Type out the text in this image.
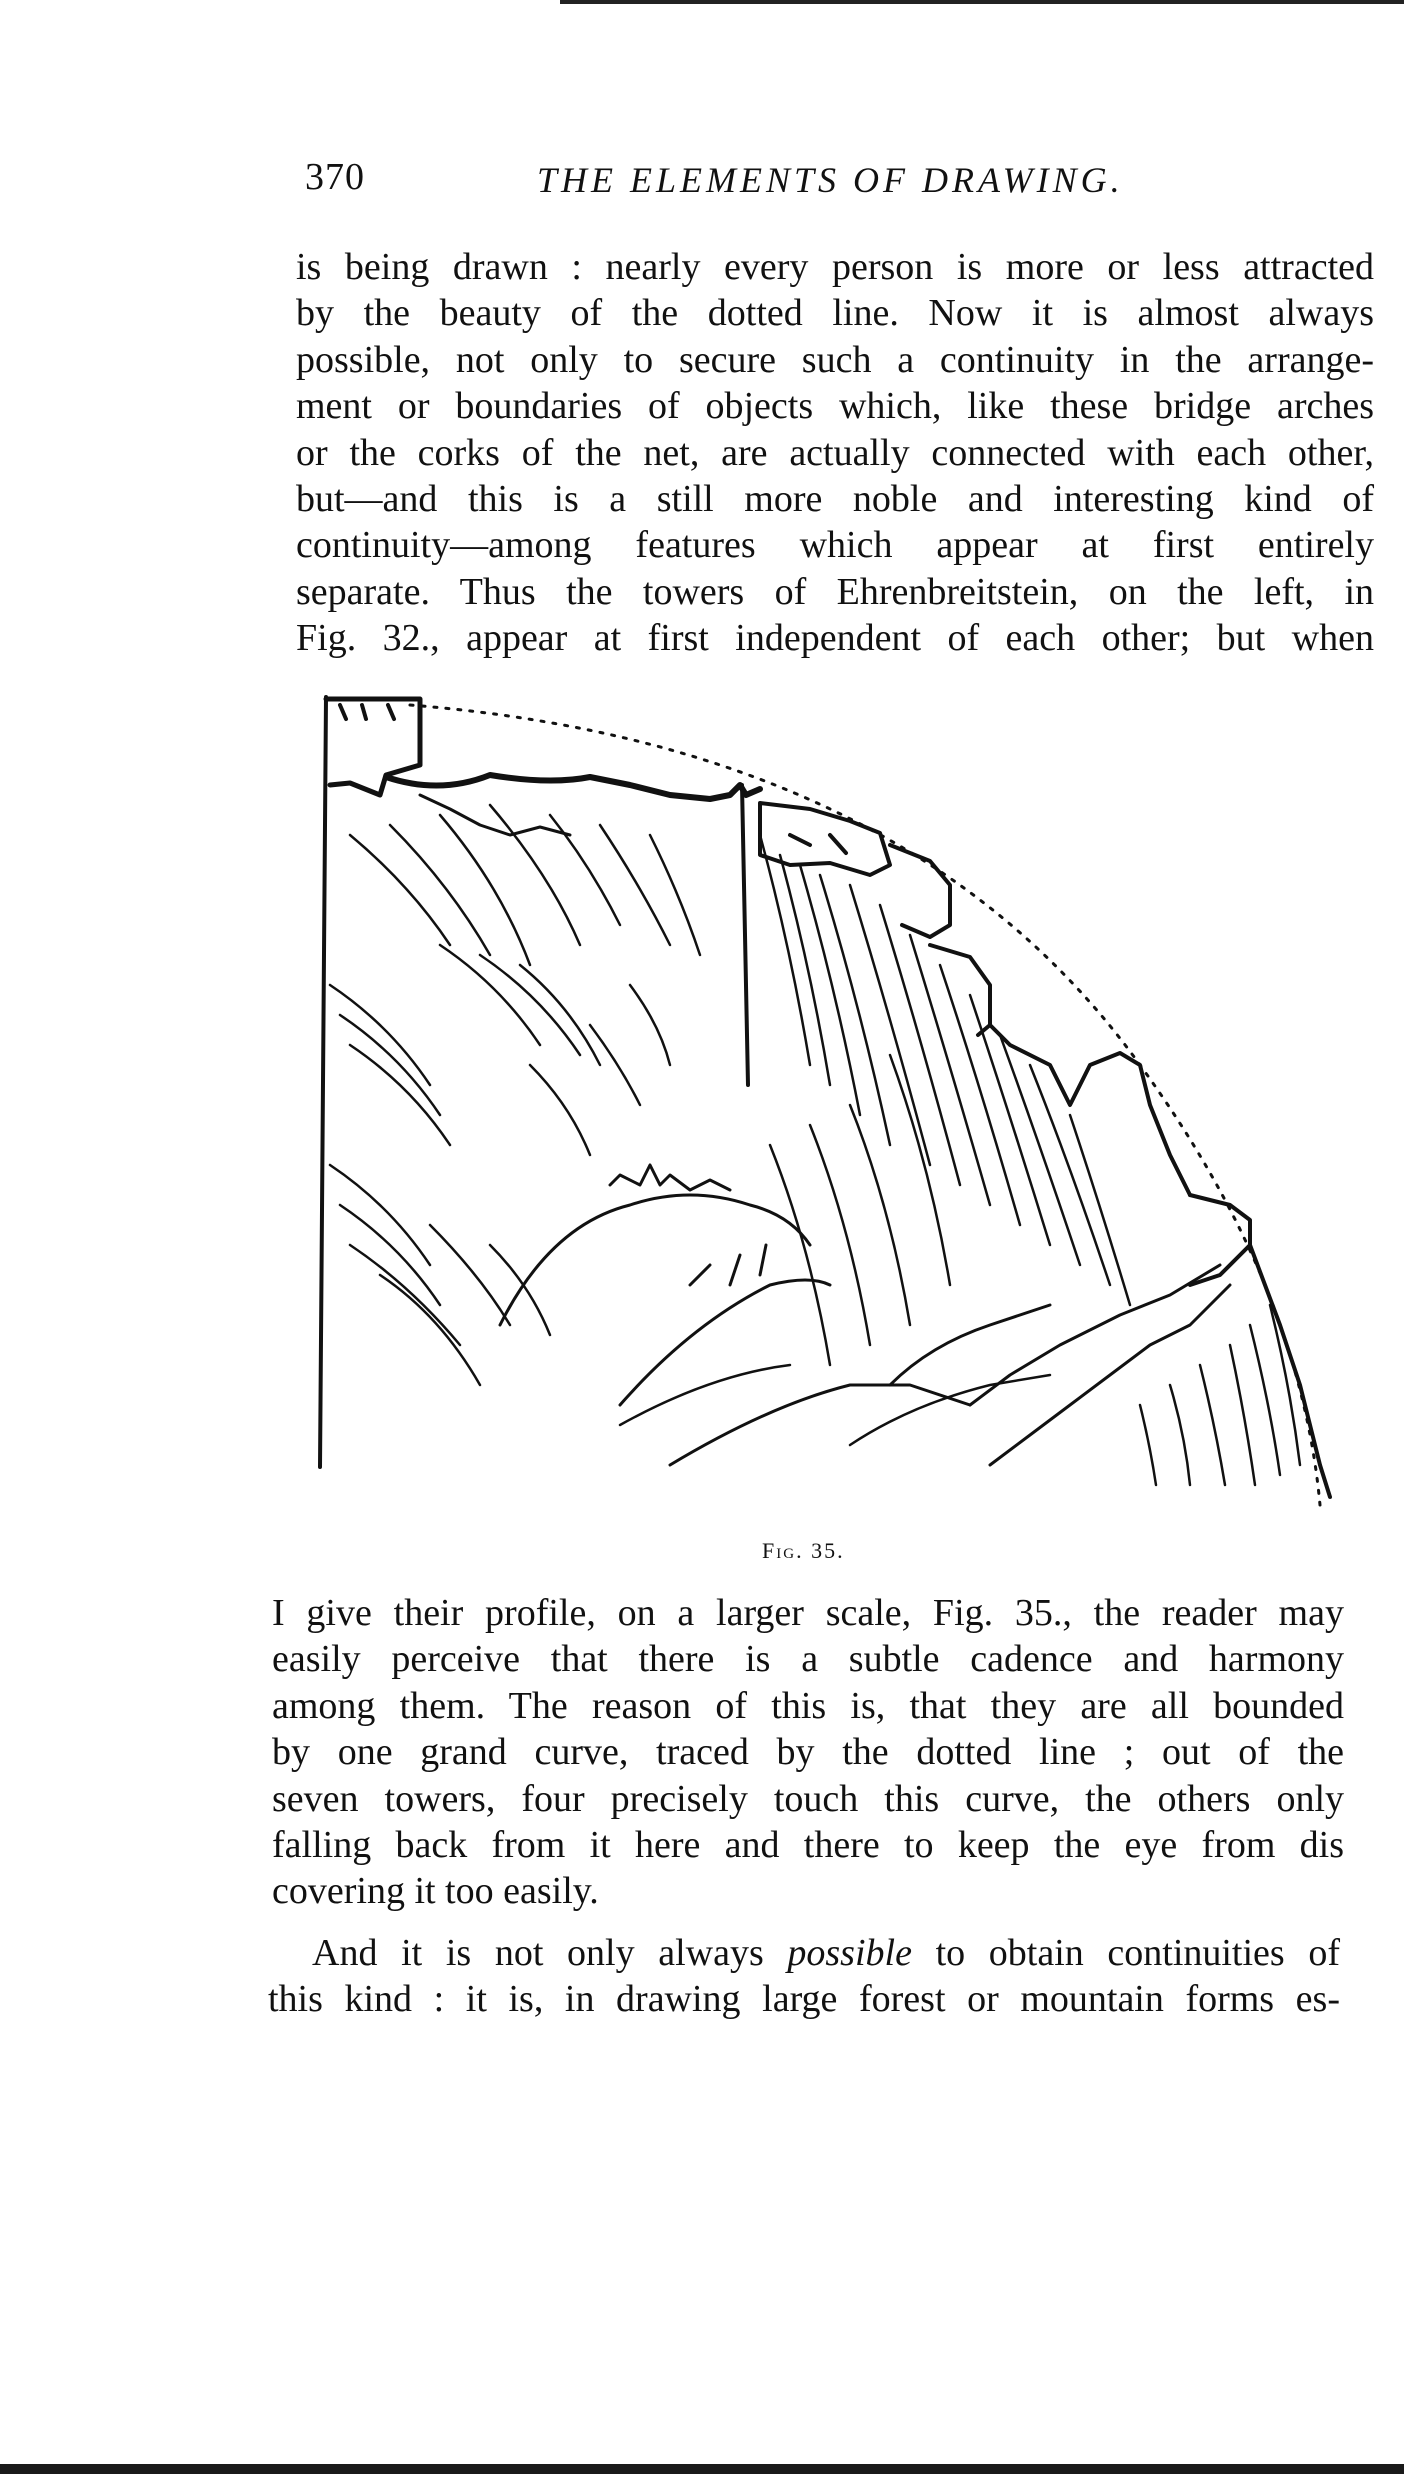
370	THE ELEMENTS OF DRAWING.
is being drawn : nearly every person is more or less attracted
by the beauty of the dotted line. Now it is almost always
possible, not only to secure such a continuity in the arrange-
ment or boundaries of objects which, like these bridge arches
or the corks of the net, are actually connected with each other,
but—and this is a still more noble and interesting kind of
continuity—among features which appear at first entirely
separate. Thus the towers of Ehrenbreitstein, on the left, in
Fig. 32., appear at first independent of each other; but when
Fig. 35.
I give their profile, on a larger scale, Fig. 35., the reader may
easily perceive that there is a subtle cadence and harmony
among them. The reason of this is, that they are all bounded
by one grand curve, traced by the dotted line ; out of the
seven towers, four precisely touch this curve, the others only
falling back from it here and there to keep the eye from dis
covering it too easily.
And it is not only always possible to obtain continuities of
this kind : it is, in drawing large forest or mountain forms es-
